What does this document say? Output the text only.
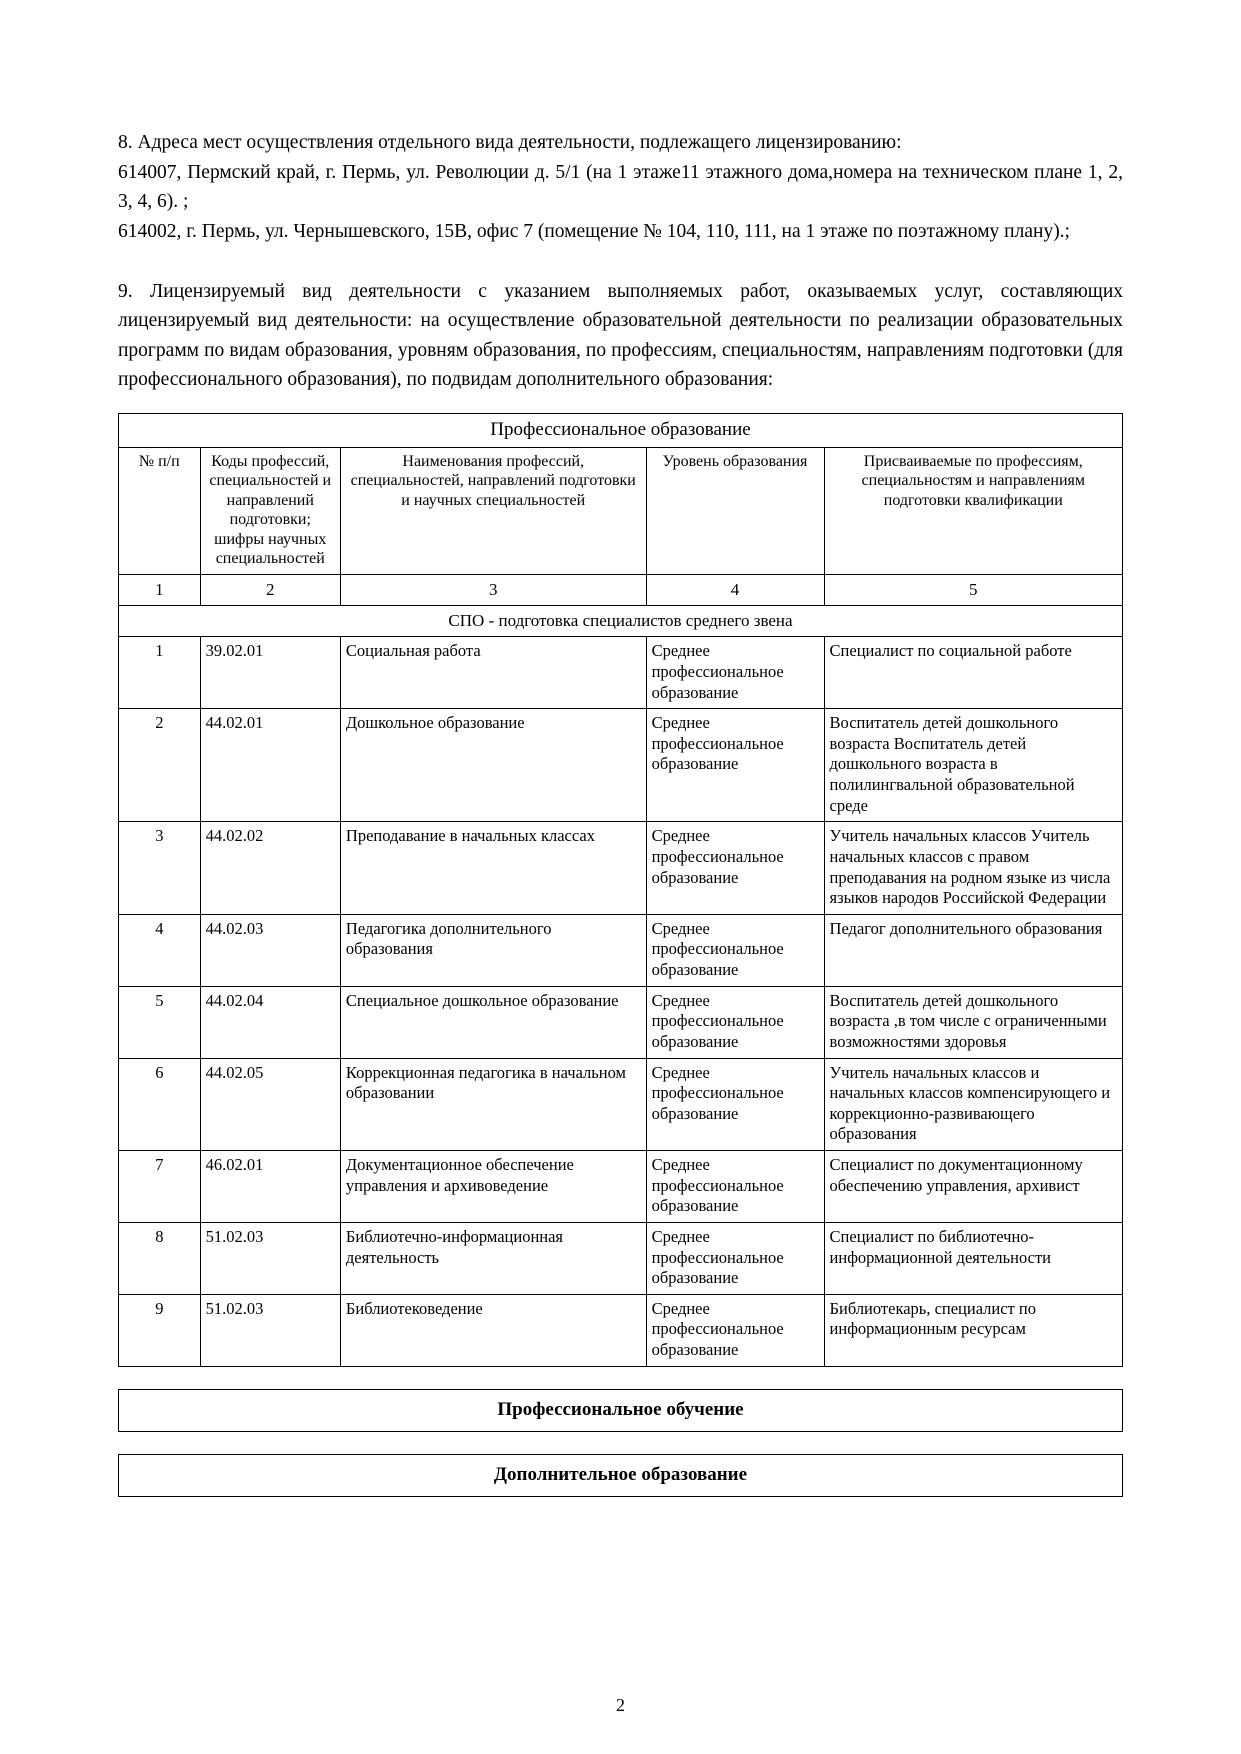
8. Адреса мест осуществления отдельного вида деятельности, подлежащего лицензированию:
614007, Пермский край, г. Пермь, ул. Революции д. 5/1 (на 1 этаже11 этажного дома,номера на техническом плане 1, 2, 3, 4, 6). ;
614002, г. Пермь, ул. Чернышевского, 15В, офис 7 (помещение № 104, 110, 111, на 1 этаже по поэтажному плану).;

9. Лицензируемый вид деятельности с указанием выполняемых работ, оказываемых услуг, составляющих лицензируемый вид деятельности: на осуществление образовательной деятельности по реализации образовательных программ по видам образования, уровням образования, по профессиям, специальностям, направлениям подготовки (для профессионального образования), по подвидам дополнительного образования:

Профессиональное образование				
№ п/п	Коды профессий, специальностей и направлений подготовки; шифры научных специальностей	Наименования профессий, специальностей, направлений подготовки и научных специальностей	Уровень образования	Присваиваемые по профессиям, специальностям и направлениям подготовки квалификации
1	2	3	4	5
СПО - подготовка специалистов среднего звена				
1	39.02.01	Социальная работа	Среднее профессиональное образование	Специалист по социальной работе
2	44.02.01	Дошкольное образование	Среднее профессиональное образование	Воспитатель детей дошкольного возраста Воспитатель детей дошкольного возраста в полилингвальной образовательной среде
3	44.02.02	Преподавание в начальных классах	Среднее профессиональное образование	Учитель начальных классов Учитель начальных классов с правом преподавания на родном языке из числа языков народов Российской Федерации
4	44.02.03	Педагогика дополнительного образования	Среднее профессиональное образование	Педагог дополнительного образования
5	44.02.04	Специальное дошкольное образование	Среднее профессиональное образование	Воспитатель детей дошкольного возраста ,в том числе с ограниченными возможностями здоровья
6	44.02.05	Коррекционная педагогика в начальном образовании	Среднее профессиональное образование	Учитель начальных классов и начальных классов компенсирующего и коррекционно-развивающего образования
7	46.02.01	Документационное обеспечение управления и архивоведение	Среднее профессиональное образование	Специалист по документационному обеспечению управления, архивист
8	51.02.03	Библиотечно-информационная деятельность	Среднее профессиональное образование	Специалист по библиотечно-информационной деятельности
9	51.02.03	Библиотековедение	Среднее профессиональное образование	Библиотекарь, специалист по информационным ресурсам
Профессиональное обучение
Дополнительное образование
2
